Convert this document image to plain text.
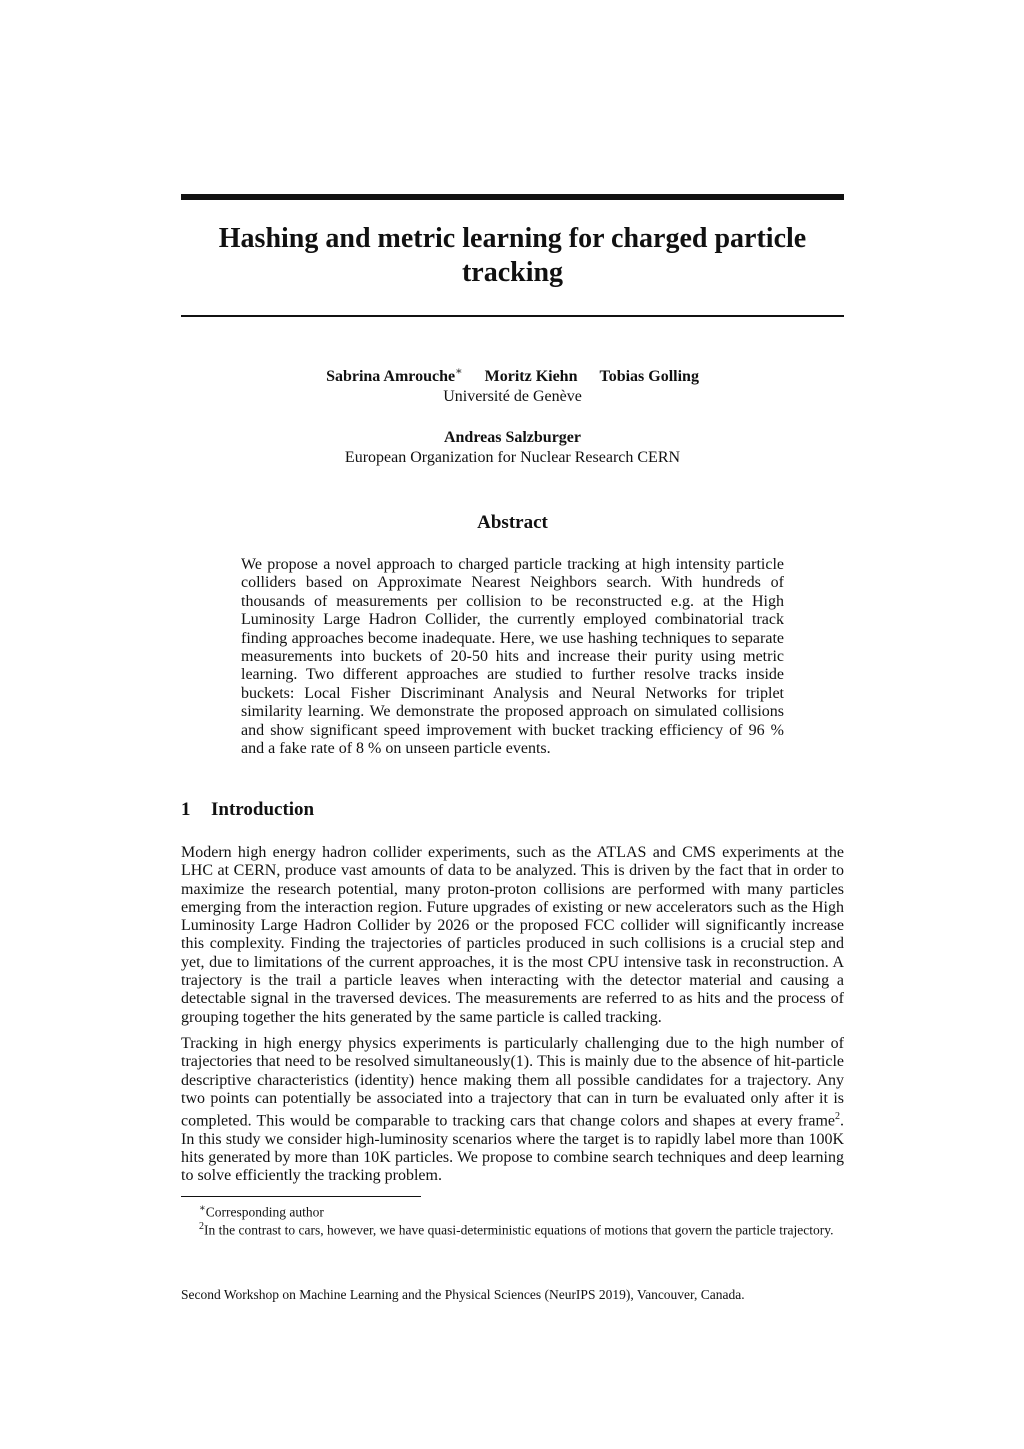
Hashing and metric learning for charged particle tracking
Sabrina Amrouche∗ Moritz Kiehn Tobias Golling
Université de Genève
Andreas Salzburger
European Organization for Nuclear Research CERN
Abstract

We propose a novel approach to charged particle tracking at high intensity particle colliders based on Approximate Nearest Neighbors search. With hundreds of thousands of measurements per collision to be reconstructed e.g. at the High Luminosity Large Hadron Collider, the currently employed combinatorial track finding approaches become inadequate. Here, we use hashing techniques to separate measurements into buckets of 20-50 hits and increase their purity using metric learning. Two different approaches are studied to further resolve tracks inside buckets: Local Fisher Discriminant Analysis and Neural Networks for triplet similarity learning. We demonstrate the proposed approach on simulated collisions and show significant speed improvement with bucket tracking efficiency of 96 % and a fake rate of 8 % on unseen particle events.

1 Introduction

Modern high energy hadron collider experiments, such as the ATLAS and CMS experiments at the LHC at CERN, produce vast amounts of data to be analyzed. This is driven by the fact that in order to maximize the research potential, many proton-proton collisions are performed with many particles emerging from the interaction region. Future upgrades of existing or new accelerators such as the High Luminosity Large Hadron Collider by 2026 or the proposed FCC collider will significantly increase this complexity. Finding the trajectories of particles produced in such collisions is a crucial step and yet, due to limitations of the current approaches, it is the most CPU intensive task in reconstruction. A trajectory is the trail a particle leaves when interacting with the detector material and causing a detectable signal in the traversed devices. The measurements are referred to as hits and the process of grouping together the hits generated by the same particle is called tracking.

Tracking in high energy physics experiments is particularly challenging due to the high number of trajectories that need to be resolved simultaneously(1). This is mainly due to the absence of hit-particle descriptive characteristics (identity) hence making them all possible candidates for a trajectory. Any two points can potentially be associated into a trajectory that can in turn be evaluated only after it is completed. This would be comparable to tracking cars that change colors and shapes at every frame$^2$. In this study we consider high-luminosity scenarios where the target is to rapidly label more than 100K hits generated by more than 10K particles. We propose to combine search techniques and deep learning to solve efficiently the tracking problem.

∗Corresponding author

$^2$In the contrast to cars, however, we have quasi-deterministic equations of motions that govern the particle trajectory.

Second Workshop on Machine Learning and the Physical Sciences (NeurIPS 2019), Vancouver, Canada.
